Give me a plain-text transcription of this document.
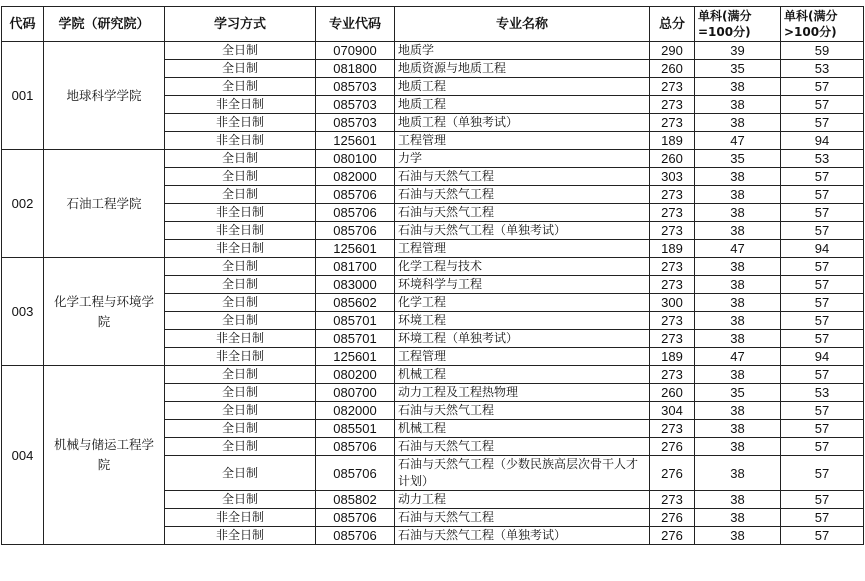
代码	学院（研究院）	学习方式	专业代码	专业名称	总分	单科(满分=100分)	单科(满分>100分)
001	地球科学学院	全日制	070900	地质学	290	39	59
		全日制	081800	地质资源与地质工程	260	35	53
		全日制	085703	地质工程	273	38	57
		非全日制	085703	地质工程	273	38	57
		非全日制	085703	地质工程（单独考试）	273	38	57
		非全日制	125601	工程管理	189	47	94
002	石油工程学院	全日制	080100	力学	260	35	53
		全日制	082000	石油与天然气工程	303	38	57
		全日制	085706	石油与天然气工程	273	38	57
		非全日制	085706	石油与天然气工程	273	38	57
		非全日制	085706	石油与天然气工程（单独考试）	273	38	57
		非全日制	125601	工程管理	189	47	94
003	化学工程与环境学院	全日制	081700	化学工程与技术	273	38	57
		全日制	083000	环境科学与工程	273	38	57
		全日制	085602	化学工程	300	38	57
		全日制	085701	环境工程	273	38	57
		非全日制	085701	环境工程（单独考试）	273	38	57
		非全日制	125601	工程管理	189	47	94
004	机械与储运工程学院	全日制	080200	机械工程	273	38	57
		全日制	080700	动力工程及工程热物理	260	35	53
		全日制	082000	石油与天然气工程	304	38	57
		全日制	085501	机械工程	273	38	57
		全日制	085706	石油与天然气工程	276	38	57
		全日制	085706	石油与天然气工程（少数民族高层次骨干人才计划）	276	38	57
		全日制	085802	动力工程	273	38	57
		非全日制	085706	石油与天然气工程	276	38	57
		非全日制	085706	石油与天然气工程（单独考试）	276	38	57
